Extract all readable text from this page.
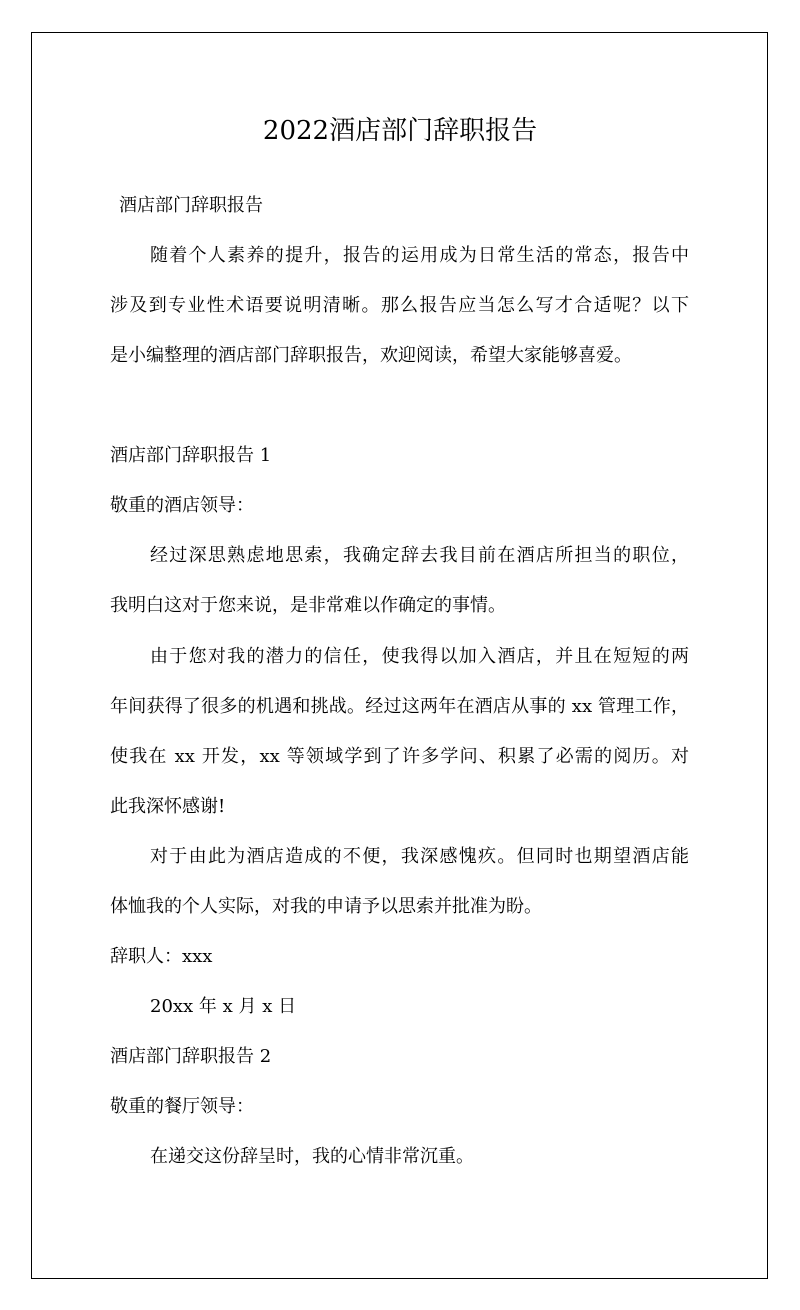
2022酒店部门辞职报告
酒店部门辞职报告
随着个人素养的提升，报告的运用成为日常生活的常态，报告中
涉及到专业性术语要说明清晰。那么报告应当怎么写才合适呢？以下
是小编整理的酒店部门辞职报告，欢迎阅读，希望大家能够喜爱。
酒店部门辞职报告 1
敬重的酒店领导：
经过深思熟虑地思索，我确定辞去我目前在酒店所担当的职位，
我明白这对于您来说，是非常难以作确定的事情。
由于您对我的潜力的信任，使我得以加入酒店，并且在短短的两
年间获得了很多的机遇和挑战。经过这两年在酒店从事的 xx 管理工作，
使我在 xx 开发，xx 等领域学到了许多学问、积累了必需的阅历。对
此我深怀感谢!
对于由此为酒店造成的不便，我深感愧疚。但同时也期望酒店能
体恤我的个人实际，对我的申请予以思索并批准为盼。
辞职人：xxx
20xx 年 x 月 x 日
酒店部门辞职报告 2
敬重的餐厅领导：
在递交这份辞呈时，我的心情非常沉重。
